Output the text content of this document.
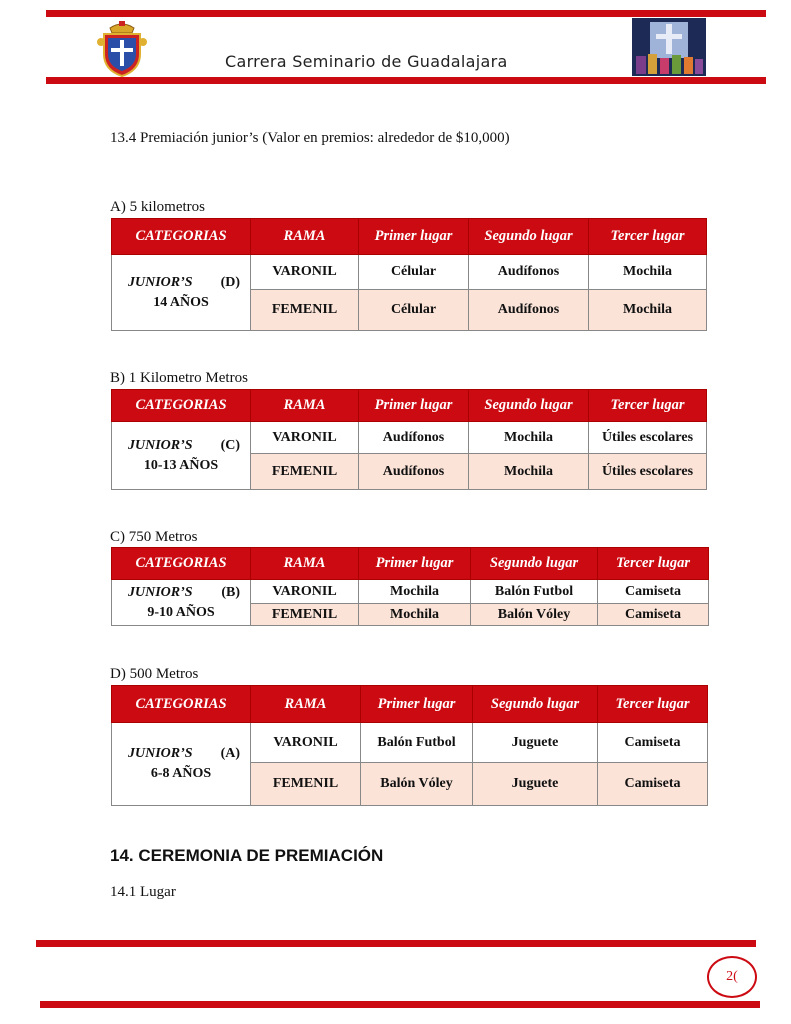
Carrera Seminario de Guadalajara
13.4 Premiación junior’s (Valor en premios: alrededor de $10,000)
A) 5 kilometros
CATEGORIAS	RAMA	Primer lugar	Segundo lugar	Tercer lugar

JUNIOR’S (D)
14 AÑOS	VARONIL	Célular	Audífonos	Mochila
	FEMENIL	Célular	Audífonos	Mochila
B) 1 Kilometro Metros
CATEGORIAS	RAMA	Primer lugar	Segundo lugar	Tercer lugar

JUNIOR’S (C)
10-13 AÑOS	VARONIL	Audífonos	Mochila	Útiles escolares
	FEMENIL	Audífonos	Mochila	Útiles escolares
C) 750 Metros
CATEGORIAS	RAMA	Primer lugar	Segundo lugar	Tercer lugar

JUNIOR’S (B)
9-10 AÑOS	VARONIL	Mochila	Balón Futbol	Camiseta
	FEMENIL	Mochila	Balón Vóley	Camiseta
D) 500 Metros
CATEGORIAS	RAMA	Primer lugar	Segundo lugar	Tercer lugar

JUNIOR’S (A)
6-8 AÑOS	VARONIL	Balón Futbol	Juguete	Camiseta
	FEMENIL	Balón Vóley	Juguete	Camiseta
14. CEREMONIA DE PREMIACIÓN
14.1 Lugar
2(
